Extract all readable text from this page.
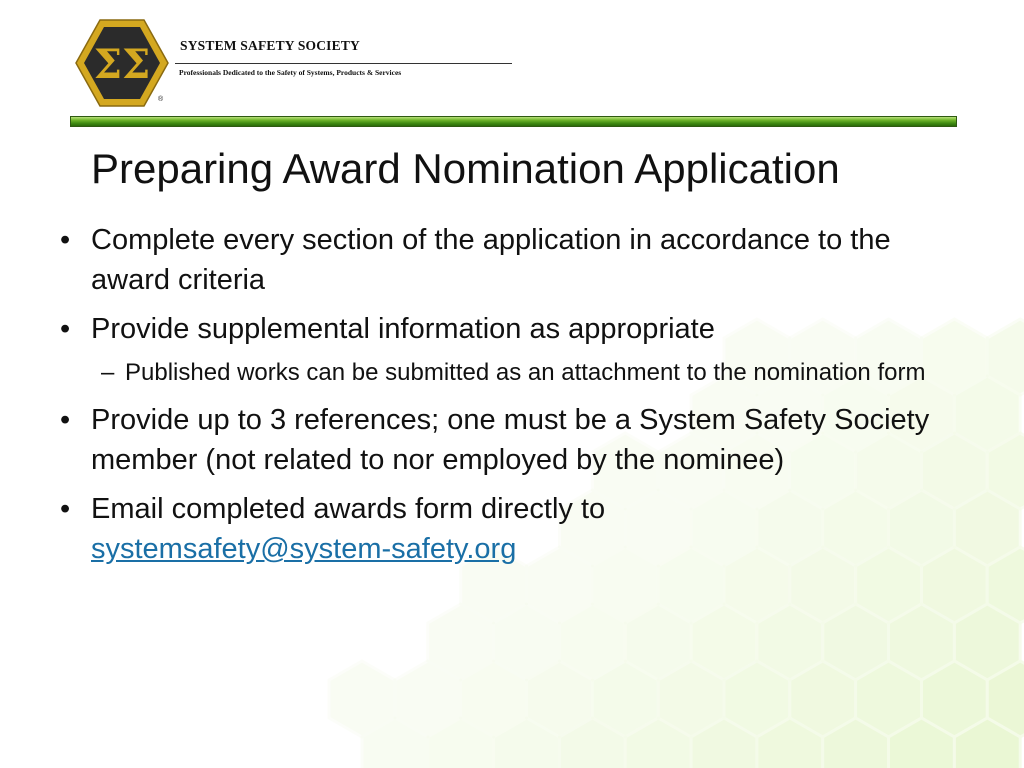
ΣΣ SYSTEM SAFETY SOCIETY
Professionals Dedicated to the Safety of Systems, Products & Services
®
Preparing Award Nomination Application
• Complete every section of the application in accordance to the award criteria
• Provide supplemental information as appropriate
– Published works can be submitted as an attachment to the nomination form
• Provide up to 3 references; one must be a System Safety Society member (not related to nor employed by the nominee)
• Email completed awards form directly to
systemsafety@system-safety.org
